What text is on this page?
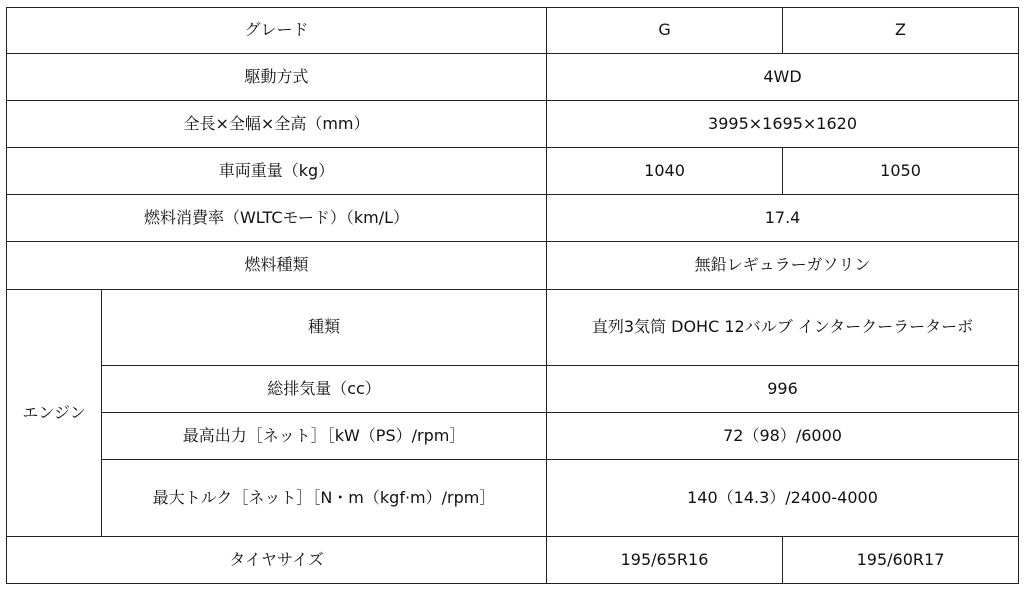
グレード		G	Z
駆動方式		4WD	
全長×全幅×全高（mm）		3995×1695×1620	
車両重量（kg）		1040	1050
燃料消費率（WLTCモード）（km/L）		17.4	
燃料種類		無鉛レギュラーガソリン	
エンジン	種類	直列3気筒 DOHC 12バルブ インタークーラーターボ	
	総排気量（cc）	996	
	最高出力［ネット］［kW（PS）/rpm］	72（98）/6000	
	最大トルク［ネット］［N・m（kgf·m）/rpm］	140（14.3）/2400-4000	
タイヤサイズ		195/65R16	195/60R17
